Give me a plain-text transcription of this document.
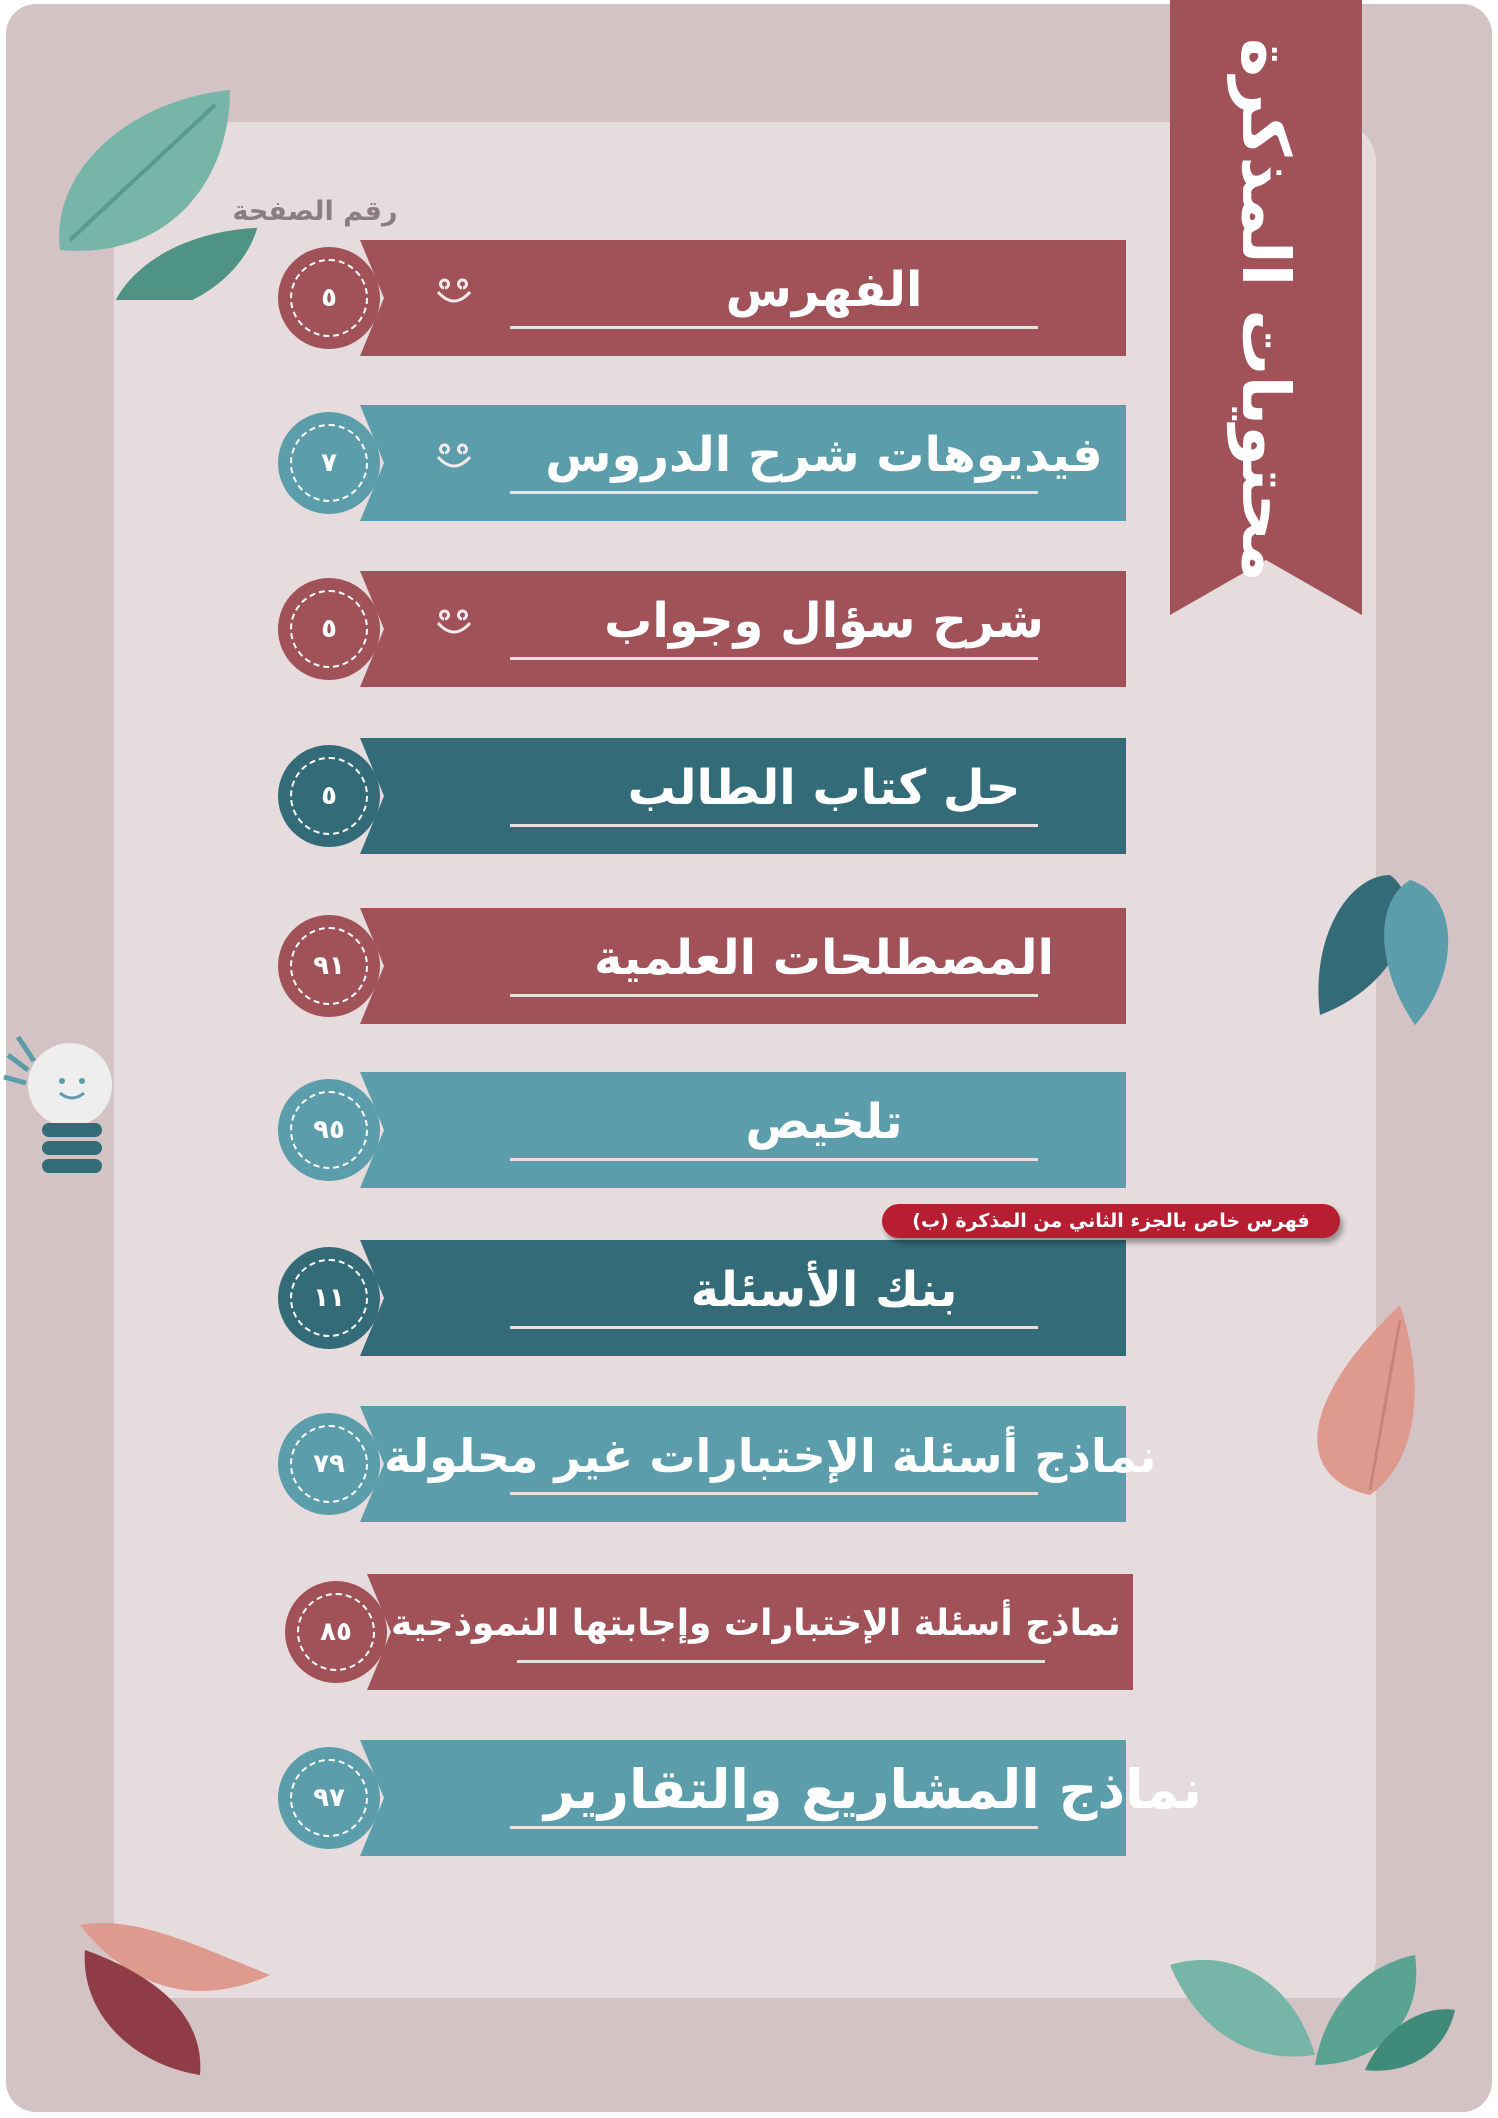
محتويات المذكرة
رقم الصفحة
الفهرس
٥
فيديوهات شرح الدروس
٧
شرح سؤال وجواب
٥
حل كتاب الطالب
٥
المصطلحات العلمية
٩١
تلخيص
٩٥
بنك الأسئلة
١١
نماذج أسئلة الإختبارات غير محلولة
٧٩
نماذج أسئلة الإختبارات وإجابتها النموذجية
٨٥
نماذج المشاريع والتقارير
٩٧
فهرس خاص بالجزء الثاني من المذكرة (ب)
